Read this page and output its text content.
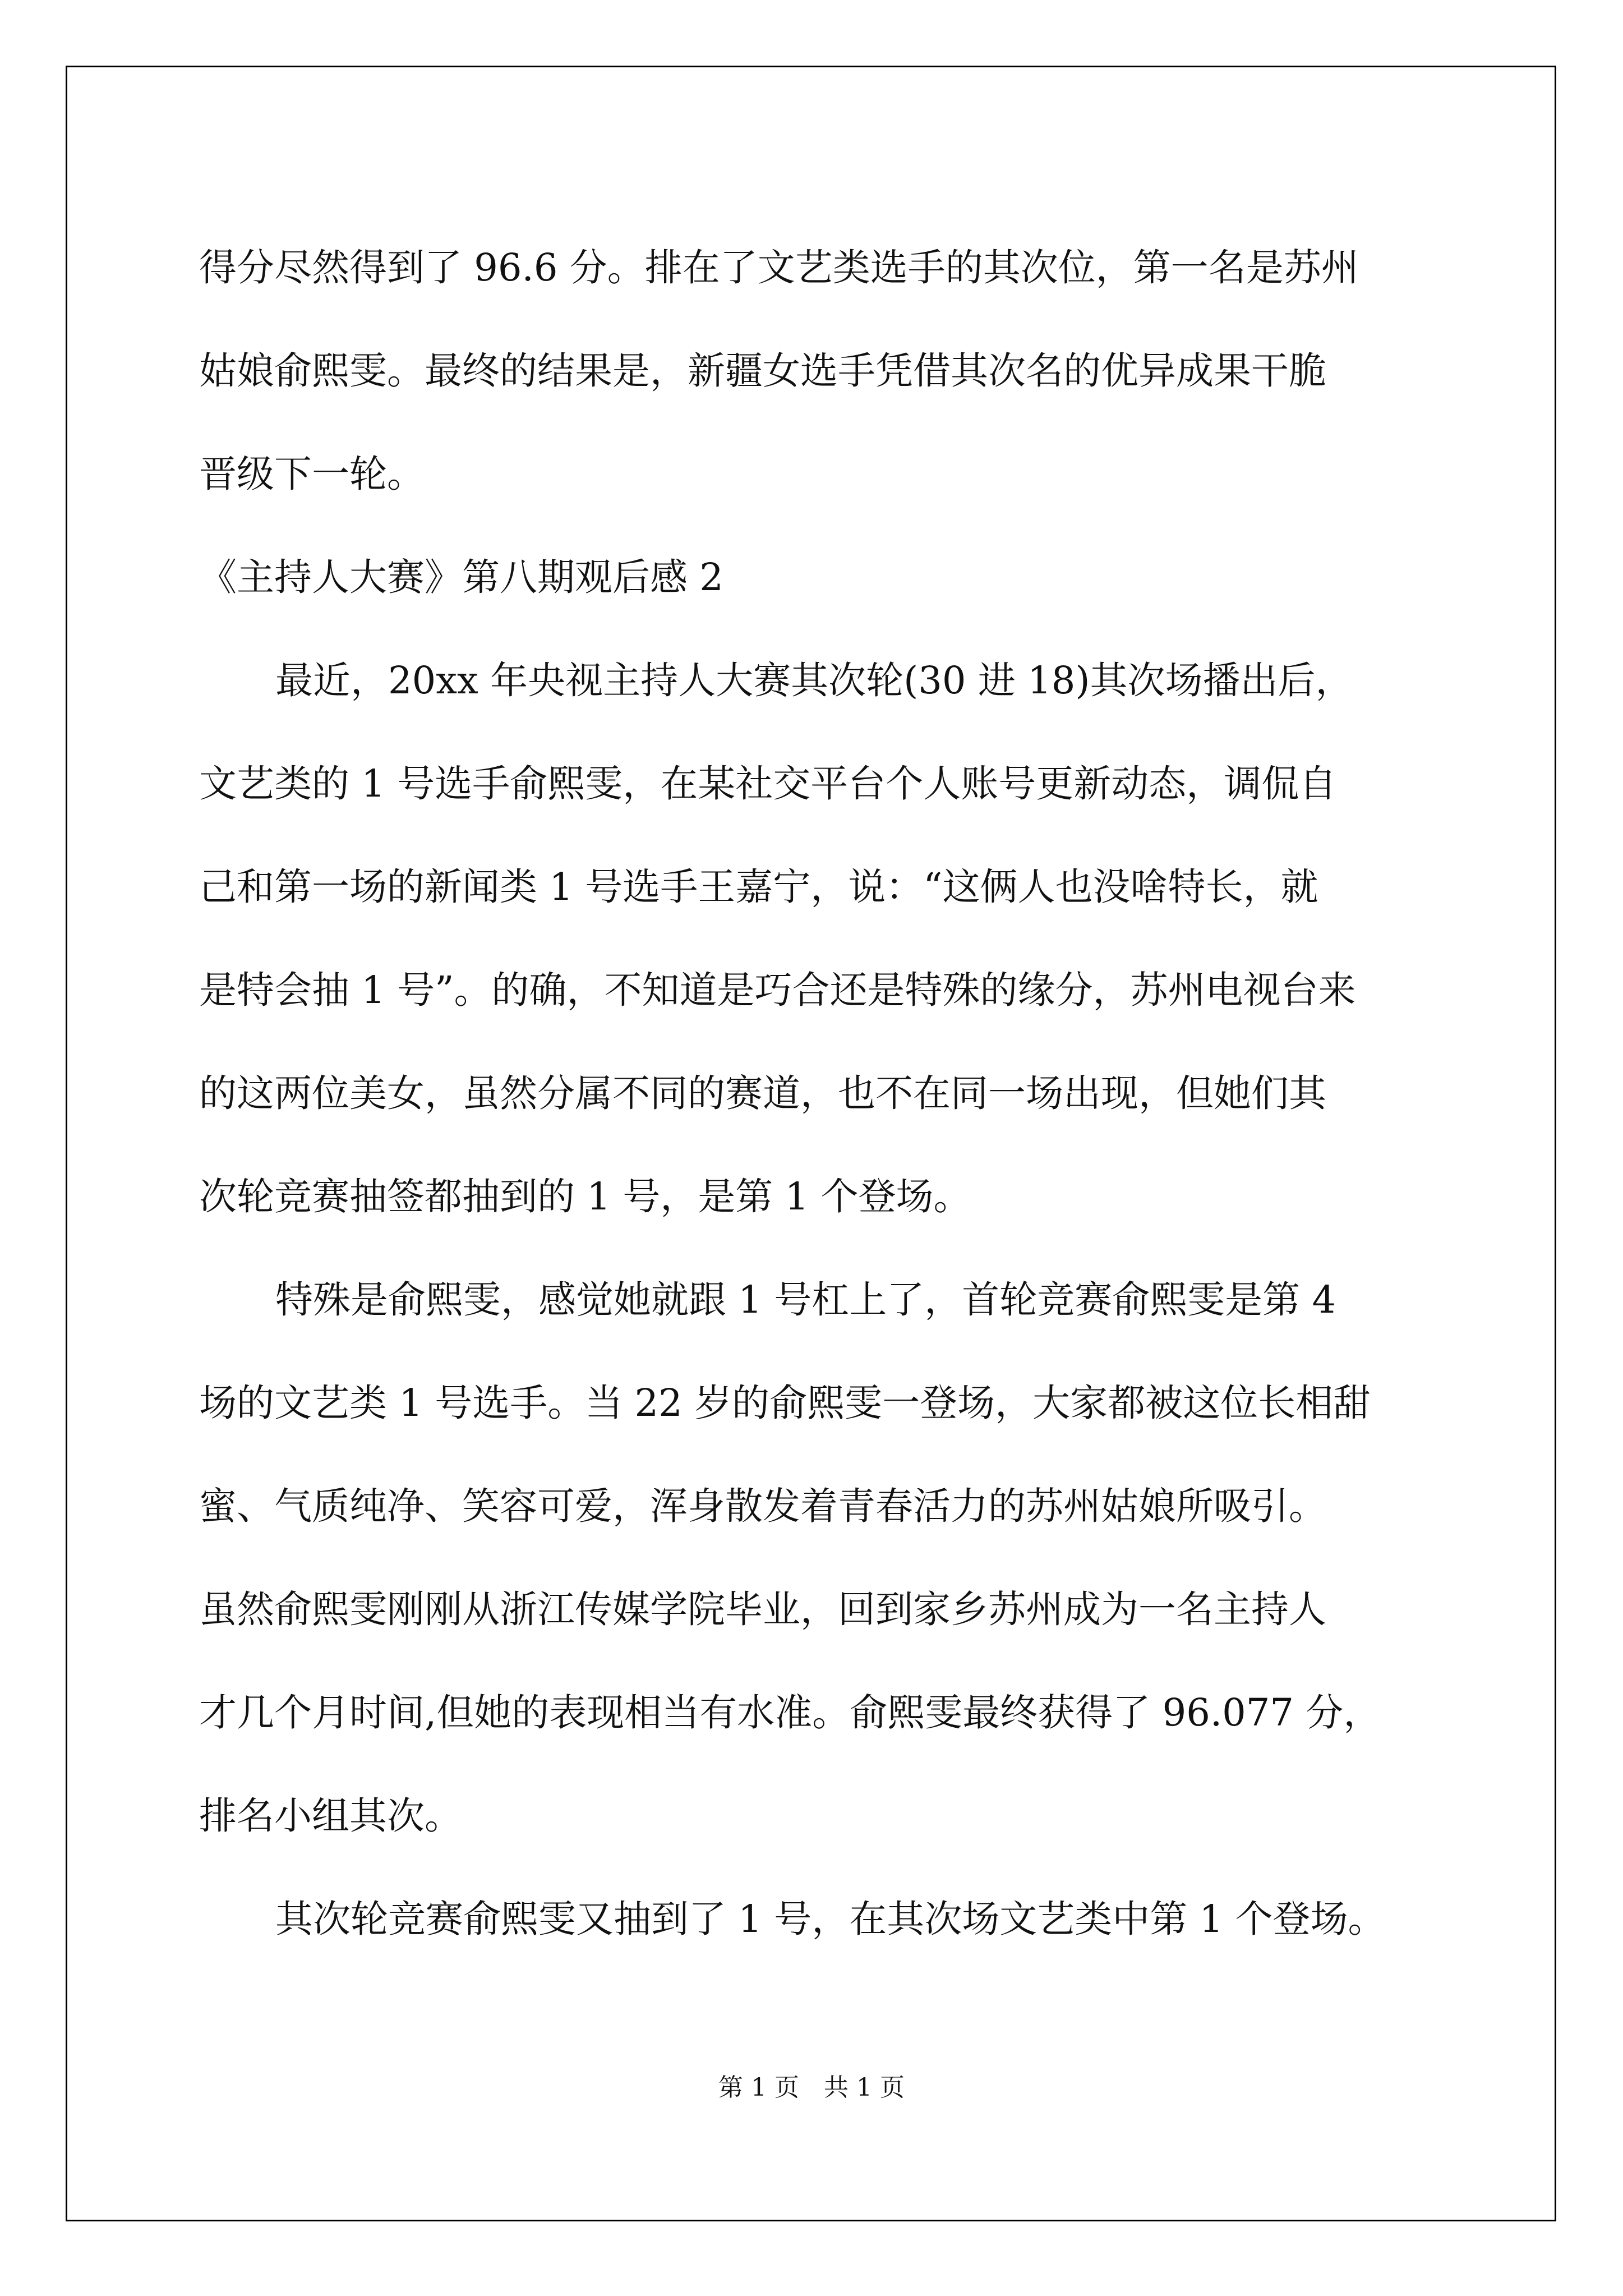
得分尽然得到了 96.6 分。排在了文艺类选手的其次位，第一名是苏州
姑娘俞熙雯。最终的结果是，新疆女选手凭借其次名的优异成果干脆
晋级下一轮。
《主持人大赛》第八期观后感 2
最近，20xx 年央视主持人大赛其次轮(30 进 18)其次场播出后，
文艺类的 1 号选手俞熙雯，在某社交平台个人账号更新动态，调侃自
己和第一场的新闻类 1 号选手王嘉宁，说：“这俩人也没啥特长，就
是特会抽 1 号”。的确，不知道是巧合还是特殊的缘分，苏州电视台来
的这两位美女，虽然分属不同的赛道，也不在同一场出现，但她们其
次轮竞赛抽签都抽到的 1 号，是第 1 个登场。
特殊是俞熙雯，感觉她就跟 1 号杠上了，首轮竞赛俞熙雯是第 4
场的文艺类 1 号选手。当 22 岁的俞熙雯一登场，大家都被这位长相甜
蜜、气质纯净、笑容可爱，浑身散发着青春活力的苏州姑娘所吸引。
虽然俞熙雯刚刚从浙江传媒学院毕业，回到家乡苏州成为一名主持人
才几个月时间,但她的表现相当有水准。俞熙雯最终获得了 96.077 分，
排名小组其次。
其次轮竞赛俞熙雯又抽到了 1 号，在其次场文艺类中第 1 个登场。
第 1 页　共 1 页
